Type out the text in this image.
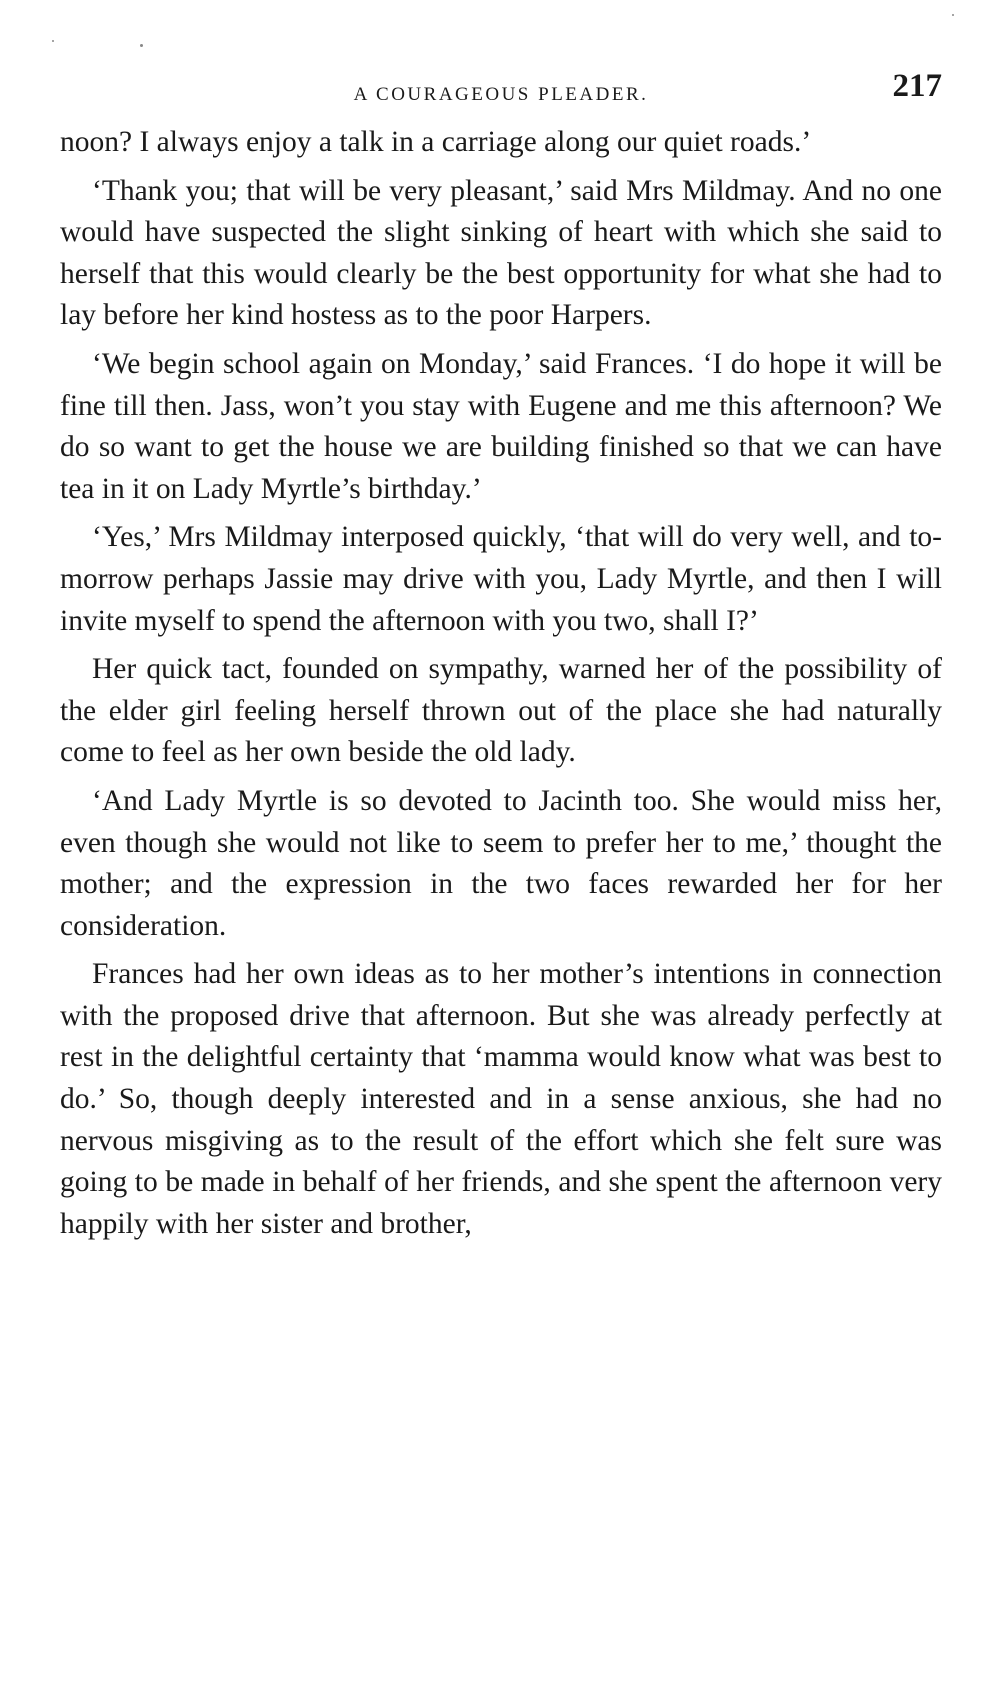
A COURAGEOUS PLEADER.	217

noon? I always enjoy a talk in a carriage along our quiet roads.’

‘Thank you; that will be very pleasant,’ said Mrs Mildmay. And no one would have suspected the slight sinking of heart with which she said to herself that this would clearly be the best opportunity for what she had to lay before her kind hostess as to the poor Harpers.

‘We begin school again on Monday,’ said Frances. ‘I do hope it will be fine till then. Jass, won’t you stay with Eugene and me this afternoon? We do so want to get the house we are building finished so that we can have tea in it on Lady Myrtle’s birthday.’

‘Yes,’ Mrs Mildmay interposed quickly, ‘that will do very well, and to-morrow perhaps Jassie may drive with you, Lady Myrtle, and then I will invite myself to spend the afternoon with you two, shall I?’

Her quick tact, founded on sympathy, warned her of the possibility of the elder girl feeling herself thrown out of the place she had naturally come to feel as her own beside the old lady.

‘And Lady Myrtle is so devoted to Jacinth too. She would miss her, even though she would not like to seem to prefer her to me,’ thought the mother; and the expression in the two faces rewarded her for her consideration.

Frances had her own ideas as to her mother’s intentions in connection with the proposed drive that afternoon. But she was already perfectly at rest in the delightful certainty that ‘mamma would know what was best to do.’ So, though deeply interested and in a sense anxious, she had no nervous misgiving as to the result of the effort which she felt sure was going to be made in behalf of her friends, and she spent the afternoon very happily with her sister and brother,
